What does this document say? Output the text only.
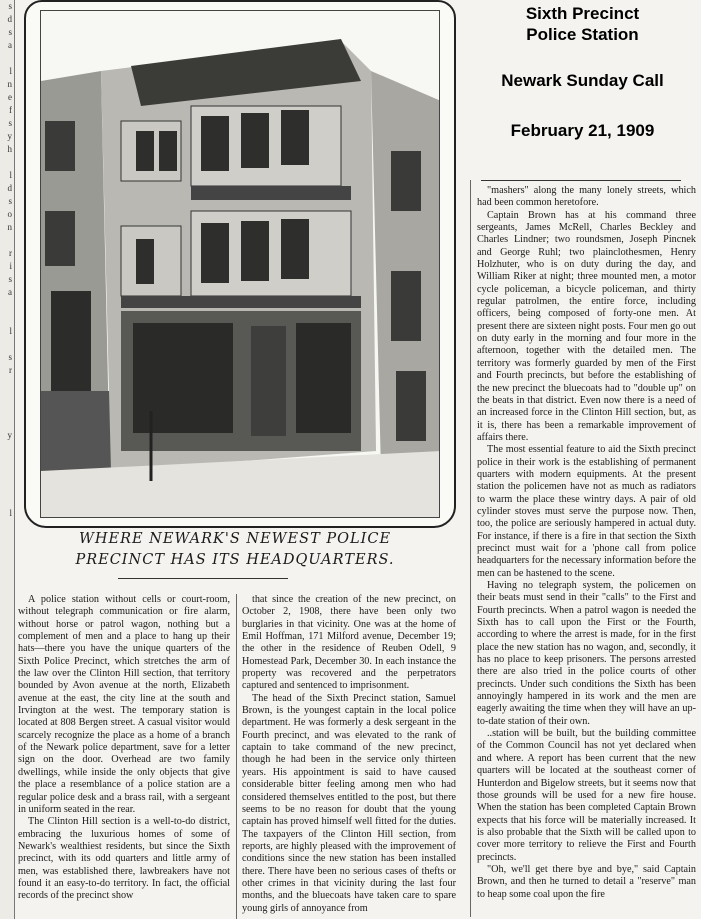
s
d
s
a

l
n
e
f
s
y
h

l
d
s
o
n

r
i
s
a

l

s
r

y

l
WHERE NEWARK'S NEWEST POLICE
PRECINCT HAS ITS HEADQUARTERS.
Sixth Precinct
Police Station
Newark Sunday Call
February 21, 1909

"mashers" along the many lonely streets, which had been common heretofore.

Captain Brown has at his command three sergeants, James McRell, Charles Beckley and Charles Lindner; two roundsmen, Joseph Pincnek and George Ruhl; two plainclothesmen, Henry Holzhuter, who is on duty during the day, and William Riker at night; three mounted men, a motor cycle policeman, a bicycle policeman, and thirty regular patrolmen, the entire force, including officers, being composed of forty-one men. At present there are sixteen night posts. Four men go out on duty early in the morning and four more in the afternoon, together with the detailed men. The territory was formerly guarded by men of the First and Fourth precincts, but before the establishing of the new precinct the bluecoats had to "double up" on the beats in that district. Even now there is a need of an increased force in the Clinton Hill section, but, as it is, there has been a remarkable improvement of affairs there.

The most essential feature to aid the Sixth precinct police in their work is the establishing of permanent quarters with modern equipments. At the present station the policemen have not as much as radiators to warm the place these wintry days. A pair of old cylinder stoves must serve the purpose now. Then, too, the police are seriously hampered in actual duty. For instance, if there is a fire in that section the Sixth precinct must wait for a 'phone call from police headquarters for the necessary information before the men can be hastened to the scene.

Having no telegraph system, the policemen on their beats must send in their "calls" to the First and Fourth precincts. When a patrol wagon is needed the Sixth has to call upon the First or the Fourth, according to where the arrest is made, for in the first place the new station has no wagon, and, secondly, it has no place to keep prisoners. The persons arrested there are also tried in the police courts of other precincts. Under such conditions the Sixth has been annoyingly hampered in its work and the men are eagerly awaiting the time when they will have an up-to-date station of their own.

..station will be built, but the building committee of the Common Council has not yet declared when and where. A report has been current that the new quarters will be located at the southeast corner of Hunterdon and Bigelow streets, but it seems now that those grounds will be used for a new fire house. When the station has been completed Captain Brown expects that his force will be materially increased. It is also probable that the Sixth will be called upon to cover more territory to relieve the First and Fourth precincts.

"Oh, we'll get there bye and bye," said Captain Brown, and then he turned to detail a "reserve" man to heap some coal upon the fire

A police station without cells or court-room, without telegraph communication or fire alarm, without horse or patrol wagon, nothing but a complement of men and a place to hang up their hats—there you have the unique quarters of the Sixth Police Precinct, which stretches the arm of the law over the Clinton Hill section, that territory bounded by Avon avenue at the north, Elizabeth avenue at the east, the city line at the south and Irvington at the west. The temporary station is located at 808 Bergen street. A casual visitor would scarcely recognize the place as a home of a branch of the Newark police department, save for a letter sign on the door. Overhead are two family dwellings, while inside the only objects that give the place a resemblance of a police station are a regular police desk and a brass rail, with a sergeant in uniform seated in the rear.

The Clinton Hill section is a well-to-do district, embracing the luxurious homes of some of Newark's wealthiest residents, but since the Sixth precinct, with its odd quarters and little army of men, was established there, lawbreakers have not found it an easy-to-do territory. In fact, the official records of the precinct show

that since the creation of the new precinct, on October 2, 1908, there have been only two burglaries in that vicinity. One was at the home of Emil Hoffman, 171 Milford avenue, December 19; the other in the residence of Reuben Odell, 9 Homestead Park, December 30. In each instance the property was recovered and the perpetrators captured and sentenced to imprisonment.

The head of the Sixth Precinct station, Samuel Brown, is the youngest captain in the local police department. He was formerly a desk sergeant in the Fourth precinct, and was elevated to the rank of captain to take command of the new precinct, though he had been in the service only thirteen years. His appointment is said to have caused considerable bitter feeling among men who had considered themselves entitled to the post, but there seems to be no reason for doubt that the young captain has proved himself well fitted for the duties. The taxpayers of the Clinton Hill section, from reports, are highly pleased with the improvement of conditions since the new station has been installed there. There have been no serious cases of thefts or other crimes in that vicinity during the last four months, and the bluecoats have taken care to spare young girls of annoyance from
